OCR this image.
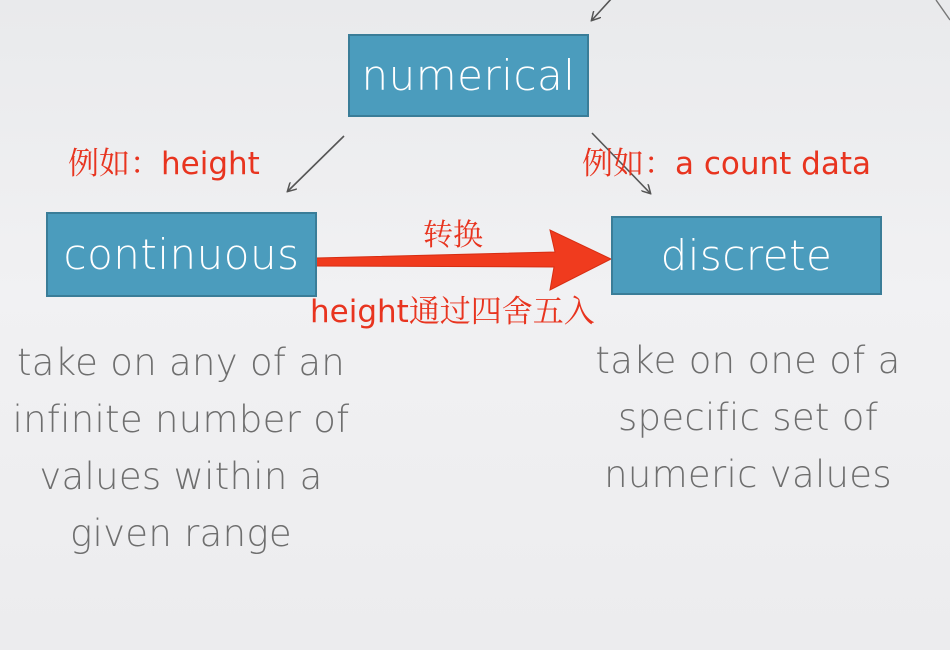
numerical
continuous	discrete
例如：height	例如：a count data
转换
height通过四舍五入
take on any of an
infinite number of
values within a
given range
take on one of a
specific set of
numeric values
